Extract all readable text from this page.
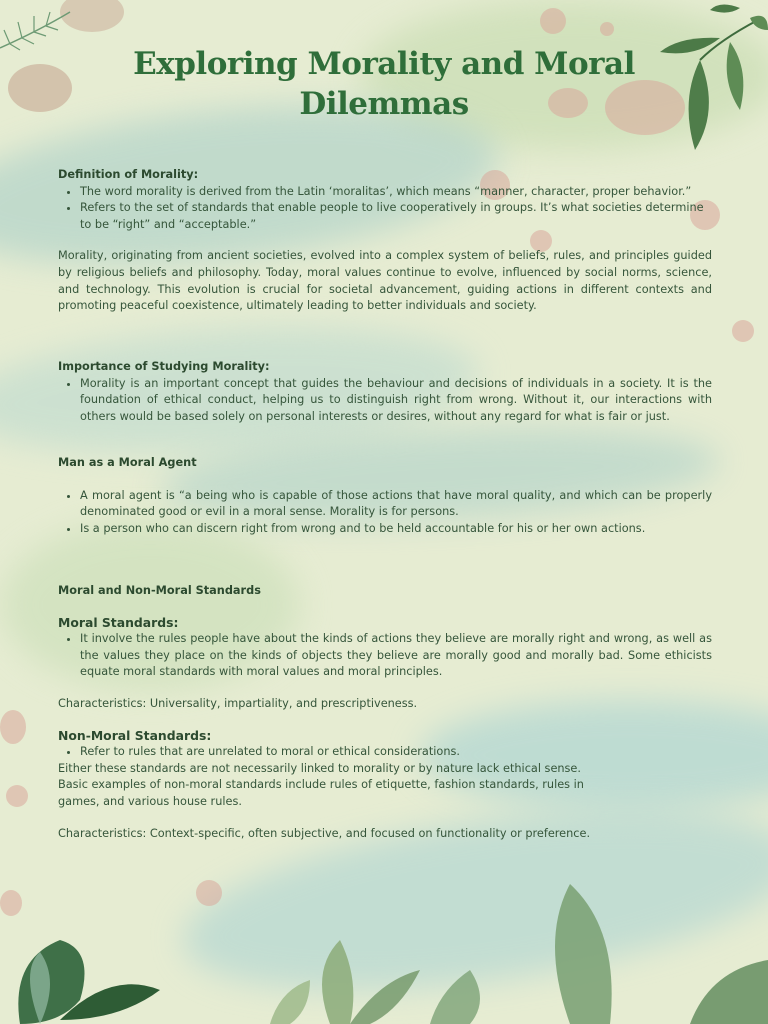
Exploring Morality and Moral Dilemmas

Definition of Morality:

• The word morality is derived from the Latin ‘moralitas’, which means “manner, character, proper behavior.”
• Refers to the set of standards that enable people to live cooperatively in groups. It’s what societies determine to be “right” and “acceptable.”

Morality, originating from ancient societies, evolved into a complex system of beliefs, rules, and principles guided by religious beliefs and philosophy. Today, moral values continue to evolve, influenced by social norms, science, and technology. This evolution is crucial for societal advancement, guiding actions in different contexts and promoting peaceful coexistence, ultimately leading to better individuals and society.

Importance of Studying Morality:

• Morality is an important concept that guides the behaviour and decisions of individuals in a society. It is the foundation of ethical conduct, helping us to distinguish right from wrong. Without it, our interactions with others would be based solely on personal interests or desires, without any regard for what is fair or just.

Man as a Moral Agent

• A moral agent is “a being who is capable of those actions that have moral quality, and which can be properly denominated good or evil in a moral sense. Morality is for persons.
• Is a person who can discern right from wrong and to be held accountable for his or her own actions.

Moral and Non-Moral Standards

Moral Standards:

• It involve the rules people have about the kinds of actions they believe are morally right and wrong, as well as the values they place on the kinds of objects they believe are morally good and morally bad. Some ethicists equate moral standards with moral values and moral principles.

Characteristics: Universality, impartiality, and prescriptiveness.

Non-Moral Standards:

• Refer to rules that are unrelated to moral or ethical considerations.

Either these standards are not necessarily linked to morality or by nature lack ethical sense.

Basic examples of non-moral standards include rules of etiquette, fashion standards, rules in

games, and various house rules.

Characteristics: Context-specific, often subjective, and focused on functionality or preference.
